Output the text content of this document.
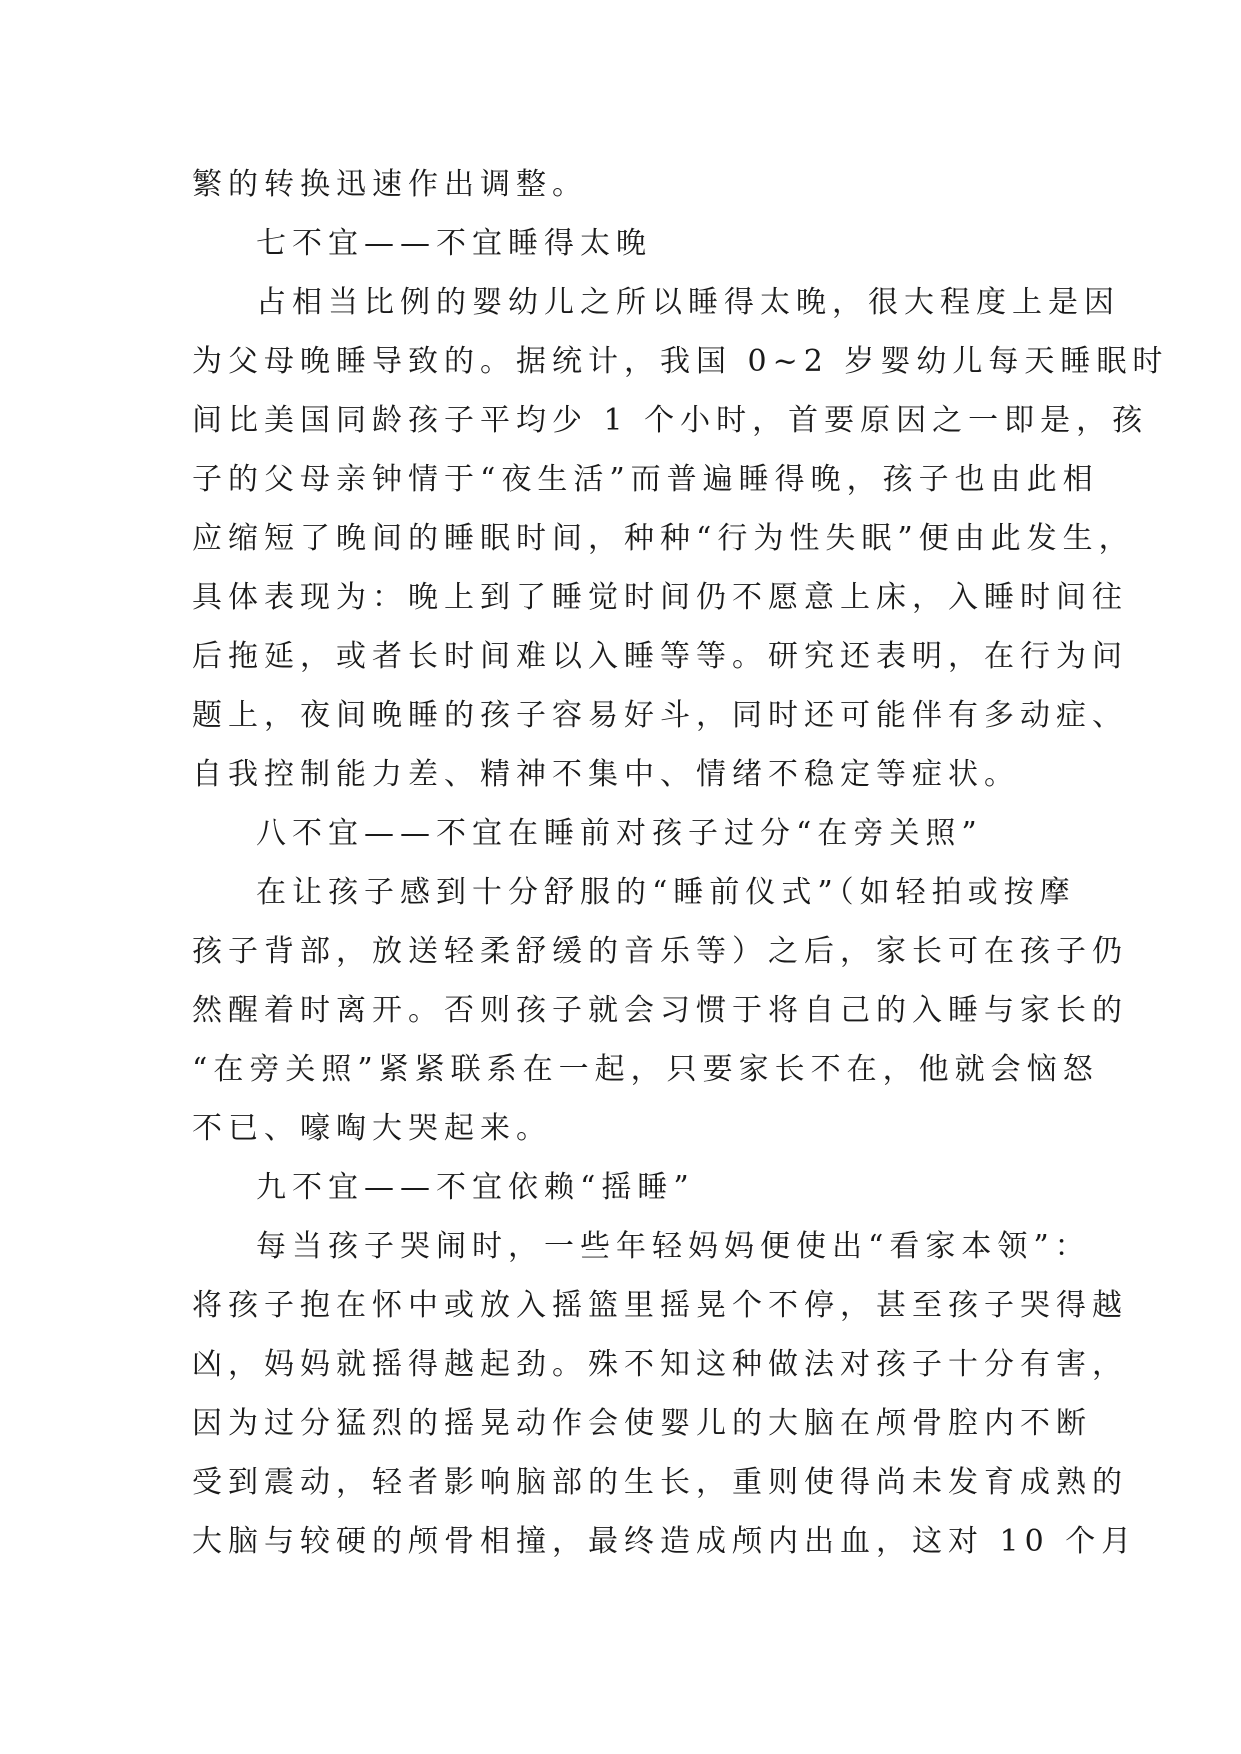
繁的转换迅速作出调整。
七不宜——不宜睡得太晚
占相当比例的婴幼儿之所以睡得太晚，很大程度上是因
为父母晚睡导致的。据统计，我国 0~2 岁婴幼儿每天睡眠时
间比美国同龄孩子平均少 1 个小时，首要原因之一即是，孩
子的父母亲钟情于“夜生活”而普遍睡得晚，孩子也由此相
应缩短了晚间的睡眠时间，种种“行为性失眠”便由此发生，
具体表现为：晚上到了睡觉时间仍不愿意上床，入睡时间往
后拖延，或者长时间难以入睡等等。研究还表明，在行为问
题上，夜间晚睡的孩子容易好斗，同时还可能伴有多动症、
自我控制能力差、精神不集中、情绪不稳定等症状。
八不宜——不宜在睡前对孩子过分“在旁关照”
在让孩子感到十分舒服的“睡前仪式”（如轻拍或按摩
孩子背部，放送轻柔舒缓的音乐等）之后，家长可在孩子仍
然醒着时离开。否则孩子就会习惯于将自己的入睡与家长的
“在旁关照”紧紧联系在一起，只要家长不在，他就会恼怒
不已、嚎啕大哭起来。
九不宜——不宜依赖“摇睡”
每当孩子哭闹时，一些年轻妈妈便使出“看家本领”：
将孩子抱在怀中或放入摇篮里摇晃个不停，甚至孩子哭得越
凶，妈妈就摇得越起劲。殊不知这种做法对孩子十分有害，
因为过分猛烈的摇晃动作会使婴儿的大脑在颅骨腔内不断
受到震动，轻者影响脑部的生长，重则使得尚未发育成熟的
大脑与较硬的颅骨相撞，最终造成颅内出血，这对 10 个月
